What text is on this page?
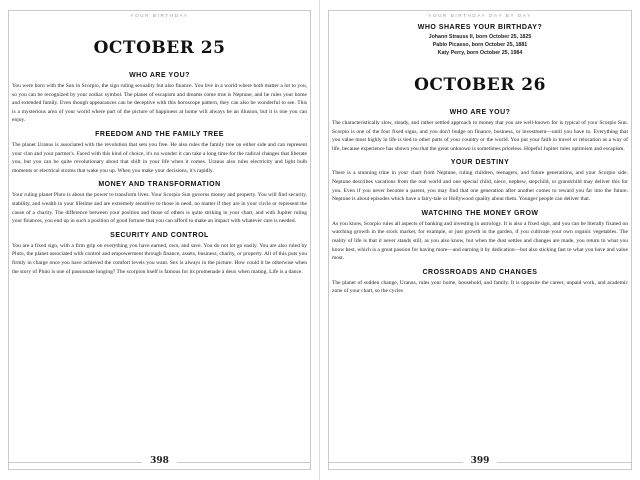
YOUR BIRTHDAY
OCTOBER 25
WHO ARE YOU?

You were born with the Sun in Scorpio, the sign ruling sexuality but also finance. You live in a world where both matter a lot to you, so you can be recognized by your zodiac symbol. The planet of escapism and dreams come true is Neptune, and he rules your home and extended family. Even though appearances can be deceptive with this horoscope pattern, they can also be wonderful to see. This is a mysterious area of your world where part of the picture of happiness at home will always be an illusion, but it is one you can enjoy.

FREEDOM AND THE FAMILY TREE

The planet Uranus is associated with the revolution that sets you free. He also rules the family tree on either side and can represent your clan and your partner's. Faced with this kind of choice, it's no wonder it can take a long time for the radical changes that liberate you, but you can be quite revolutionary about that shift in your life when it comes. Uranus also rules electricity and light bulb moments or electrical storms that wake you up. When you make your decisions, it's rapidly.

MONEY AND TRANSFORMATION

Your ruling planet Pluto is about the power to transform lives. Your Scorpio Sun governs money and property. You will find security, stability, and wealth in your lifetime and are extremely sensitive to those in need, no matter if they are in your circle or represent the cause of a charity. The difference between your position and those of others is quite striking in your chart, and with Jupiter ruling your finances, you end up in such a position of good fortune that you can afford to make an impact with whatever care is needed.

SECURITY AND CONTROL

You are a fixed sign, with a firm grip on everything you have earned, own, and save. You do not let go easily. You are also ruled by Pluto, the planet associated with control and empowerment through finance, assets, business, charity, or property. All of this puts you firmly in charge once you have achieved the comfort levels you want. Sex is always in the picture. How could it be otherwise when the story of Pluto is one of passionate longing? The scorpion itself is famous for its promenade à deux when mating. Life is a dance.

398
YOUR BIRTHDAY DAY BY DAY
WHO SHARES YOUR BIRTHDAY?
Johann Strauss II, born October 25, 1825
Pablo Picasso, born October 25, 1881
Katy Perry, born October 25, 1984
OCTOBER 26
WHO ARE YOU?

The characteristically slow, steady, and rather settled approach to money that you are well-known for is typical of your Scorpio Sun. Scorpio is one of the four fixed signs, and you don't budge on finance, business, or investment—until you have to. Everything that you value most highly in life is tied to other parts of your country or the world. You put your faith in travel or relocation as a way of life, because experience has shown you that the great unknown is sometimes priceless. Hopeful Jupiter rules optimism and escapism.

YOUR DESTINY

There is a stunning trine in your chart from Neptune, ruling children, teenagers, and future generations, and your Scorpio side. Neptune describes vacations from the real world and one special child, niece, nephew, stepchild, or grandchild may deliver this for you. Even if you never become a parent, you may find that one generation after another comes to reward you far into the future. Neptune is about episodes which have a fairy-tale or Hollywood quality about them. Younger people can deliver that.

WATCHING THE MONEY GROW

As you know, Scorpio rules all aspects of banking and investing in astrology. It is also a fixed sign, and you can be literally fixated on watching growth in the stock market, for example, or just growth in the garden, if you cultivate your own organic vegetables. The reality of life is that it never stands still, as you also know, but when the dust settles and changes are made, you return to what you know best, which is a great passion for having more—and earning it by dedication—but also sticking fast to what you have and value most.

CROSSROADS AND CHANGES

The planet of sudden change, Uranus, rules your home, household, and family. It is opposite the career, unpaid work, and academic zone of your chart, so the cycles

399
